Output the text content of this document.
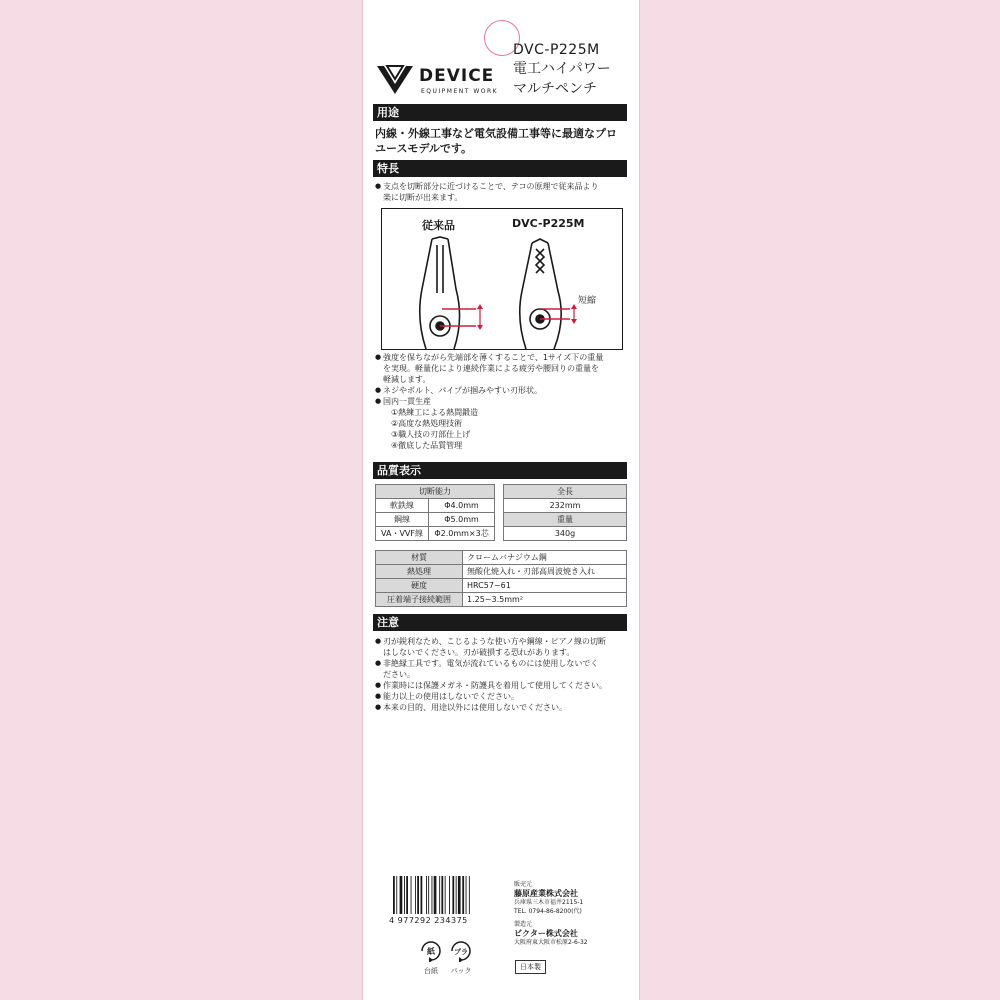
DEVICE
EQUIPMENT WORK
DVC-P225M
電工ハイパワー
マルチペンチ
用途
内線・外線工事など電気設備工事等に最適なプロ
ユースモデルです。
特長
● 支点を切断部分に近づけることで、テコの原理で従来品より
楽に切断が出来ます。
従来品	DVC-P225M
短縮
● 強度を保ちながら先端部を薄くすることで、1サイズ下の重量
を実現。軽量化により連続作業による疲労や腰回りの重量を
軽減します。
● ネジやボルト、パイプが掴みやすい刃形状。
● 国内一貫生産
①熱練工による熱間鍛造
②高度な熱処理技術
③職人技の刃部仕上げ
④徹底した品質管理
品質表示
切断能力	
軟鉄線	Φ4.0mm
鋼線	Φ5.0mm
VA・VVF線	Φ2.0mm×3芯
全長
232mm
重量
340g
材質	クロームバナジウム鋼
熱処理	無酸化焼入れ・刃部高周波焼き入れ
硬度	HRC57~61
圧着端子接続範囲	1.25~3.5mm²
注意
● 刃が鋭利なため、こじるような使い方や鋼線・ピアノ線の切断
はしないでください。刃が破損する恐れがあります。
● 非絶縁工具です。電気が流れているものには使用しないでく
ださい。
● 作業時には保護メガネ・防護具を着用して使用してください。
● 能力以上の使用はしないでください。
● 本来の目的、用途以外には使用しないでください。
4 977292 234375
販売元
藤原産業株式会社
兵庫県三木市福井2115-1
TEL. 0794-86-8200(代)
製造元
ビクター株式会社
大阪府東大阪市松原2-6-32
紙
台紙
プラ
パック	日本製
